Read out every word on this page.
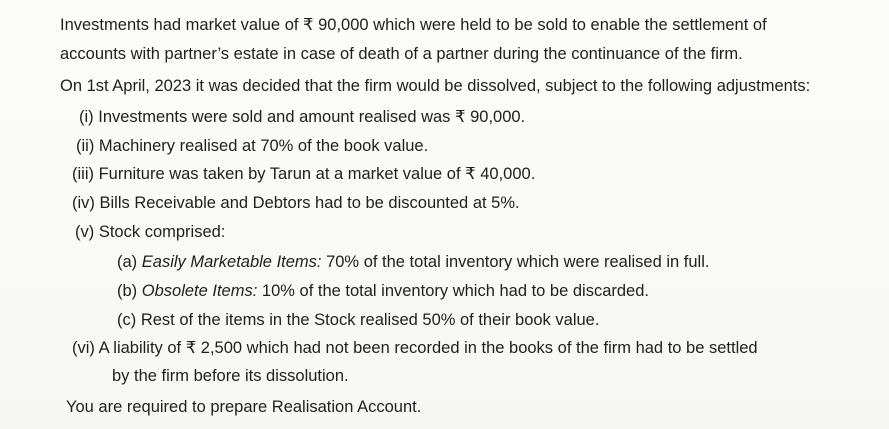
Investments had market value of ₹ 90,000 which were held to be sold to enable the settlement of
accounts with partner’s estate in case of death of a partner during the continuance of the firm.
On 1st April, 2023 it was decided that the firm would be dissolved, subject to the following adjustments:
(i) Investments were sold and amount realised was ₹ 90,000.
(ii) Machinery realised at 70% of the book value.
(iii) Furniture was taken by Tarun at a market value of ₹ 40,000.
(iv) Bills Receivable and Debtors had to be discounted at 5%.
(v) Stock comprised:
(a) Easily Marketable Items: 70% of the total inventory which were realised in full.
(b) Obsolete Items: 10% of the total inventory which had to be discarded.
(c) Rest of the items in the Stock realised 50% of their book value.
(vi) A liability of ₹ 2,500 which had not been recorded in the books of the firm had to be settled
by the firm before its dissolution.
You are required to prepare Realisation Account.
